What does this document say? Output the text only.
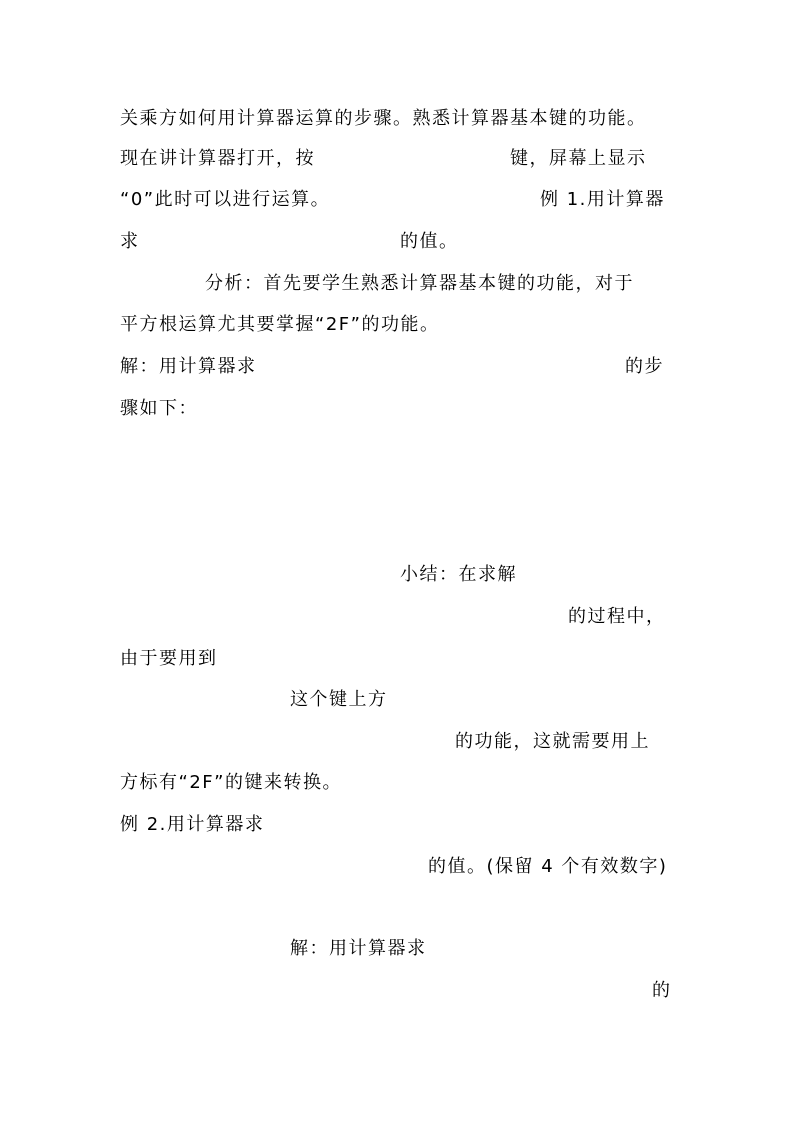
关乘方如何用计算器运算的步骤。熟悉计算器基本键的功能。
现在讲计算器打开，按	键，屏幕上显示
“0”此时可以进行运算。	例 1.用计算器
求	的值。
分析：首先要学生熟悉计算器基本键的功能，对于
平方根运算尤其要掌握“2F”的功能。
解：用计算器求	的步
骤如下：
小结：在求解
的过程中，
由于要用到
这个键上方
的功能，这就需要用上
方标有“2F”的键来转换。
例 2.用计算器求
的值。(保留 4 个有效数字)
解：用计算器求
的
